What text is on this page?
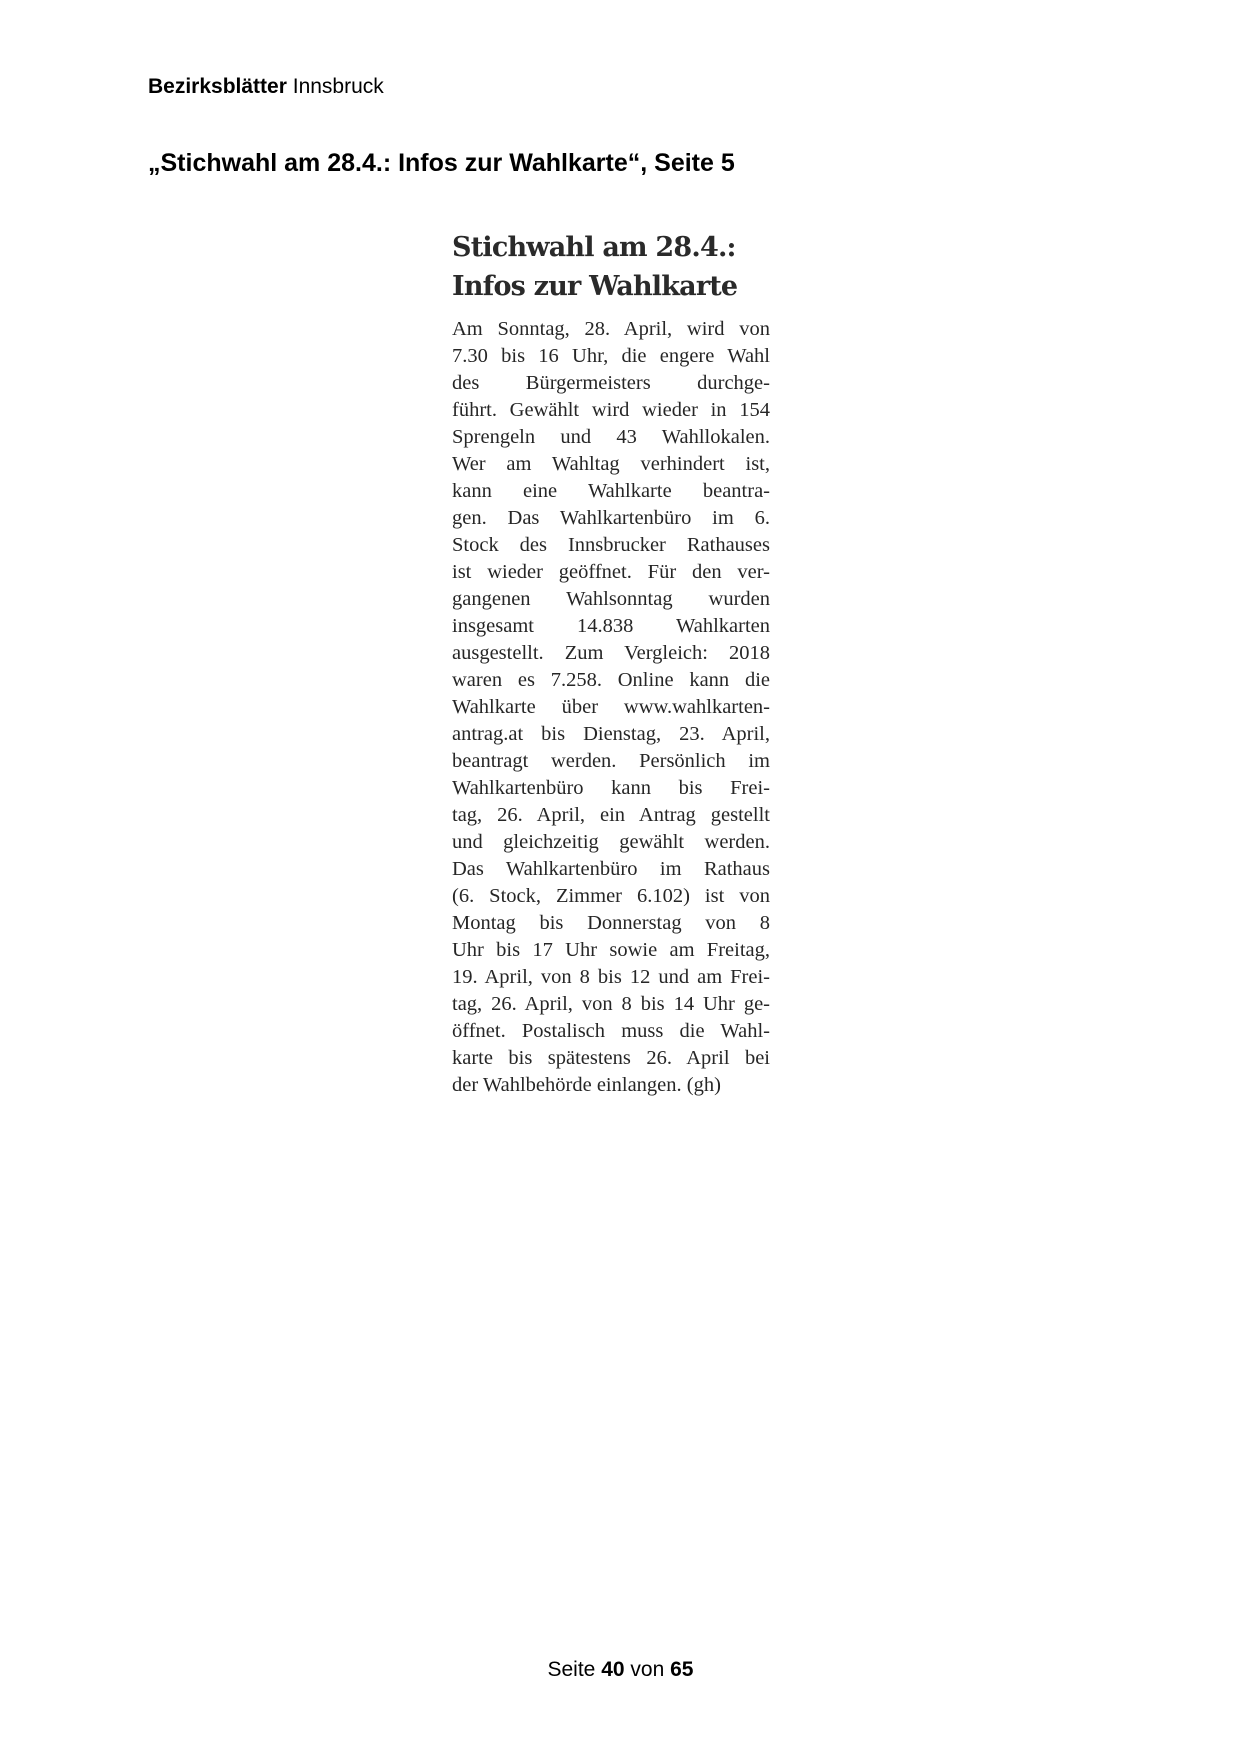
Bezirksblätter Innsbruck
„Stichwahl am 28.4.: Infos zur Wahlkarte“, Seite 5
Stichwahl am 28.4.:
Infos zur Wahlkarte
Am Sonntag, 28. April, wird von
7.30 bis 16 Uhr, die engere Wahl
des Bürgermeisters durchge-
führt. Gewählt wird wieder in 154
Sprengeln und 43 Wahllokalen.
Wer am Wahltag verhindert ist,
kann eine Wahlkarte beantra-
gen. Das Wahlkartenbüro im 6.
Stock des Innsbrucker Rathauses
ist wieder geöffnet. Für den ver-
gangenen Wahlsonntag wurden
insgesamt 14.838 Wahlkarten
ausgestellt. Zum Vergleich: 2018
waren es 7.258. Online kann die
Wahlkarte über www.wahlkarten-
antrag.at bis Dienstag, 23. April,
beantragt werden. Persönlich im
Wahlkartenbüro kann bis Frei-
tag, 26. April, ein Antrag gestellt
und gleichzeitig gewählt werden.
Das Wahlkartenbüro im Rathaus
(6. Stock, Zimmer 6.102) ist von
Montag bis Donnerstag von 8
Uhr bis 17 Uhr sowie am Freitag,
19. April, von 8 bis 12 und am Frei-
tag, 26. April, von 8 bis 14 Uhr ge-
öffnet. Postalisch muss die Wahl-
karte bis spätestens 26. April bei
der Wahlbehörde einlangen. (gh)
Seite 40 von 65
